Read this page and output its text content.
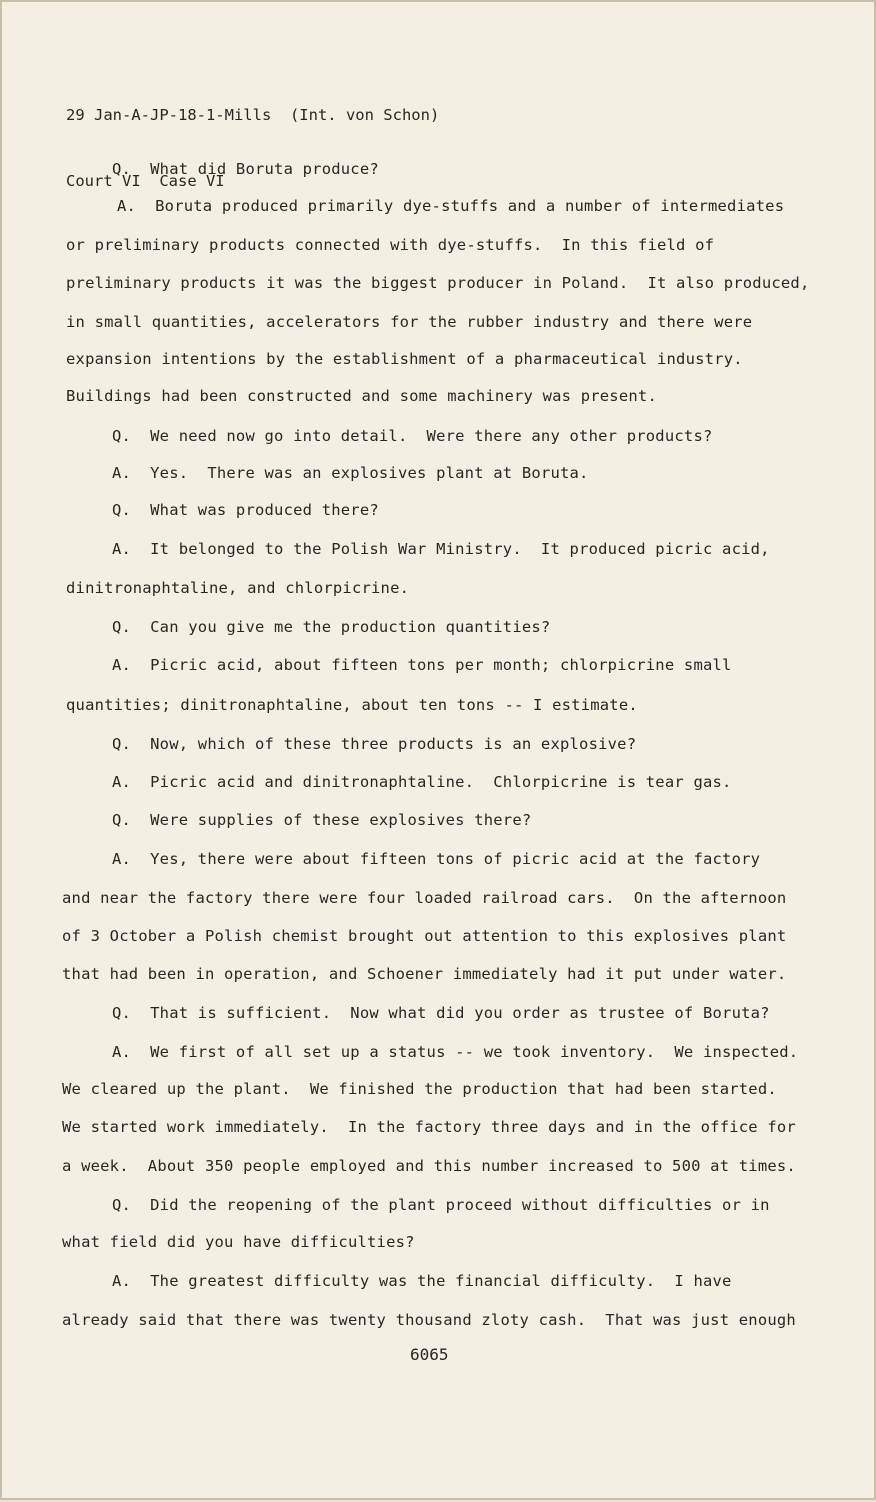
29 Jan-A-JP-18-1-Mills  (Int. von Schon)

Court VI  Case VI

Q.  What did Boruta produce?
A.  Boruta produced primarily dye-stuffs and a number of intermediates
or preliminary products connected with dye-stuffs.  In this field of
preliminary products it was the biggest producer in Poland.  It also produced,
in small quantities, accelerators for the rubber industry and there were
expansion intentions by the establishment of a pharmaceutical industry.
Buildings had been constructed and some machinery was present.
Q.  We need now go into detail.  Were there any other products?
A.  Yes.  There was an explosives plant at Boruta.
Q.  What was produced there?
A.  It belonged to the Polish War Ministry.  It produced picric acid,
dinitronaphtaline, and chlorpicrine.
Q.  Can you give me the production quantities?
A.  Picric acid, about fifteen tons per month; chlorpicrine small
quantities; dinitronaphtaline, about ten tons -- I estimate.
Q.  Now, which of these three products is an explosive?
A.  Picric acid and dinitronaphtaline.  Chlorpicrine is tear gas.
Q.  Were supplies of these explosives there?
A.  Yes, there were about fifteen tons of picric acid at the factory
and near the factory there were four loaded railroad cars.  On the afternoon
of 3 October a Polish chemist brought out attention to this explosives plant
that had been in operation, and Schoener immediately had it put under water.
Q.  That is sufficient.  Now what did you order as trustee of Boruta?
A.  We first of all set up a status -- we took inventory.  We inspected.
We cleared up the plant.  We finished the production that had been started.
We started work immediately.  In the factory three days and in the office for
a week.  About 350 people employed and this number increased to 500 at times.
Q.  Did the reopening of the plant proceed without difficulties or in
what field did you have difficulties?
A.  The greatest difficulty was the financial difficulty.  I have
already said that there was twenty thousand zloty cash.  That was just enough
6065
